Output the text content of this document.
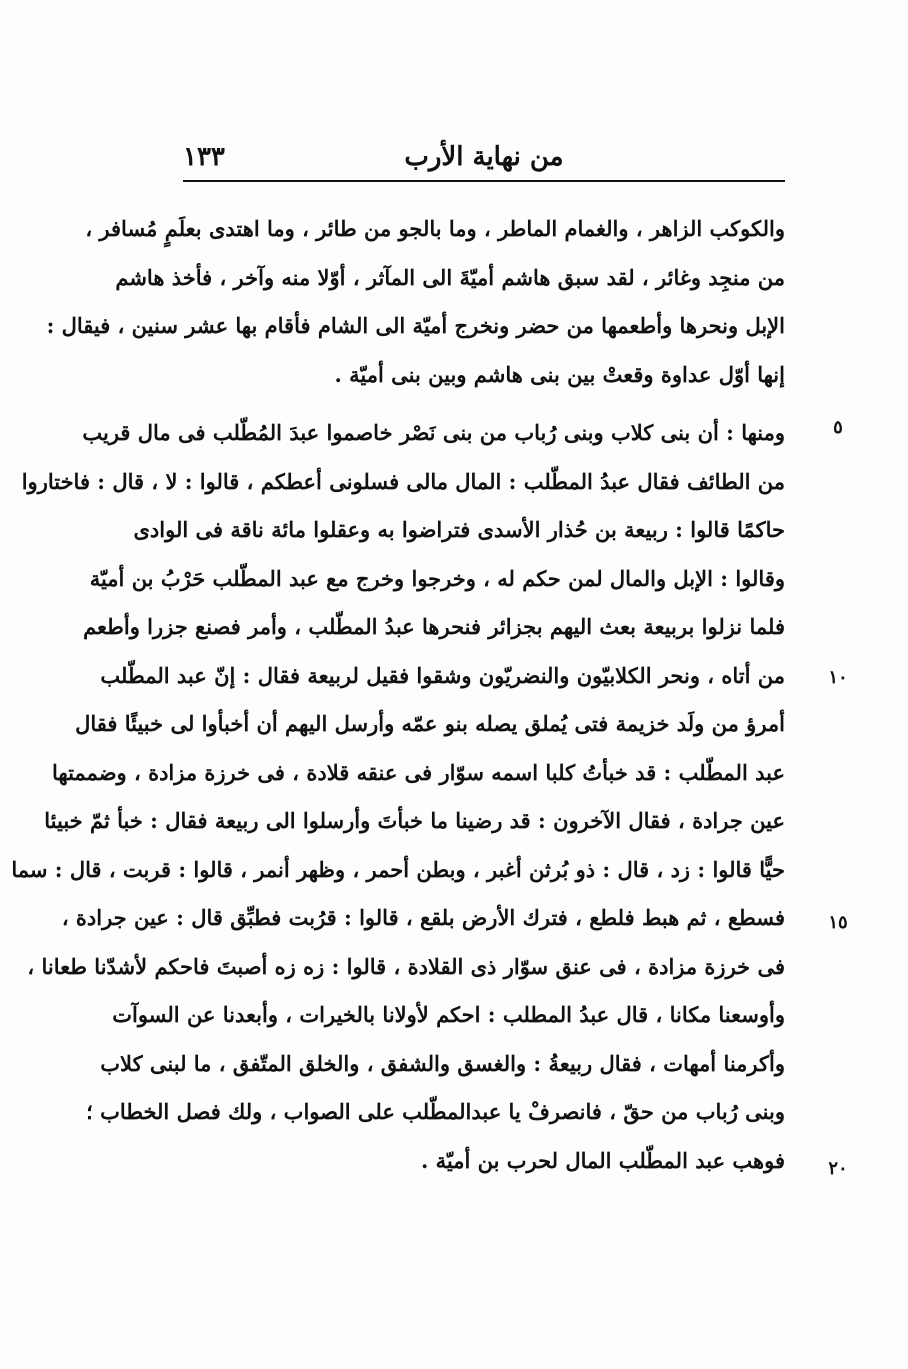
من نهاية الأرب
١٣٣
والكوكب الزاهر ، والغمام الماطر ، وما بالجو من طائر ، وما اهتدى بعلَمٍ مُسافر ،
من منجِد وغائر ، لقد سبق هاشم أميّةَ الى المآثر ، أوّلا منه وآخر ، فأخذ هاشم
الإبل ونحرها وأطعمها من حضر ونخرج أميّة الى الشام فأقام بها عشر سنين ، فيقال :
إنها أوّل عداوة وقعتْ بين بنى هاشم وبين بنى أميّة .
ومنها : أن بنى كلاب وبنى رُباب من بنى نَصْر خاصموا عبدَ المُطّلب فى مال قريب
من الطائف فقال عبدُ المطّلب : المال مالى فسلونى أعطكم ، قالوا : لا ، قال : فاختاروا
حاكمًا قالوا : ربيعة بن حُذار الأسدى فتراضوا به وعقلوا مائة ناقة فى الوادى
وقالوا : الإبل والمال لمن حكم له ، وخرجوا وخرج مع عبد المطّلب حَرْبُ بن أميّة
فلما نزلوا بربيعة بعث اليهم بجزائر فنحرها عبدُ المطّلب ، وأمر فصنع جزرا وأطعم
من أتاه ، ونحر الكلابيّون والنضريّون وشقوا فقيل لربيعة فقال : إنّ عبد المطّلب
أمرؤ من ولَد خزيمة فتى يُملق يصله بنو عمّه وأرسل اليهم أن أخبأوا لى خبيئًا فقال
عبد المطّلب : قد خبأتُ كلبا اسمه سوّار فى عنقه قلادة ، فى خرزة مزادة ، وضممتها
عين جرادة ، فقال الآخرون : قد رضينا ما خبأتَ وأرسلوا الى ربيعة فقال : خبأ ثمّ خبيئا
حيًّا قالوا : زد ، قال : ذو بُرثن أغبر ، وبطن أحمر ، وظهر أنمر ، قالوا : قربت ، قال : سما
فسطع ، ثم هبط فلطع ، فترك الأرض بلقع ، قالوا : قرُبت فطبِّق قال : عين جرادة ،
فى خرزة مزادة ، فى عنق سوّار ذى القلادة ، قالوا : زه زه أصبتَ فاحكم لأشدّنا طعانا ،
وأوسعنا مكانا ، قال عبدُ المطلب : احكم لأولانا بالخيرات ، وأبعدنا عن السوآت
وأكرمنا أمهات ، فقال ربيعةُ : والغسق والشفق ، والخلق المتّفق ، ما لبنى كلاب
وبنى رُباب من حقّ ، فانصرفْ يا عبدالمطّلب على الصواب ، ولك فصل الخطاب ؛
فوهب عبد المطّلب المال لحرب بن أميّة .
٥
١٠
١٥
٢٠
